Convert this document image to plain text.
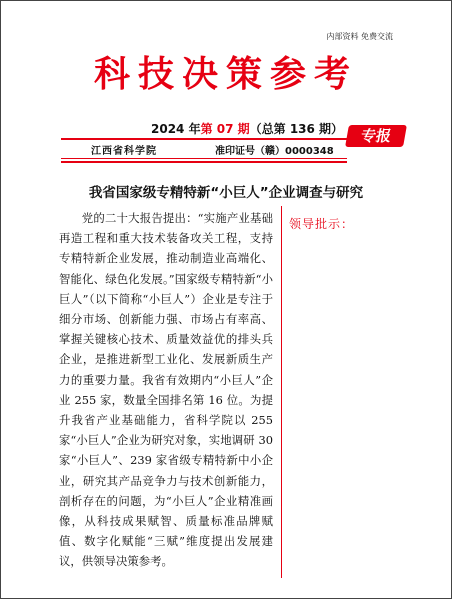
内部资料 免费交流
科技决策参考
2024 年第 07 期（总第 136 期）	专报
江西省科学院	准印证号（赣）0000348
我省国家级专精特新“小巨人”企业调查与研究

党的二十大报告提出：“实施产业基础再造工程和重大技术装备攻关工程，支持专精特新企业发展，推动制造业高端化、智能化、绿色化发展。”国家级专精特新“小巨人”（以下简称“小巨人”）企业是专注于细分市场、创新能力强、市场占有率高、掌握关键核心技术、质量效益优的排头兵企业，是推进新型工业化、发展新质生产力的重要力量。我省有效期内“小巨人”企业 255 家，数量全国排名第 16 位。为提升我省产业基础能力，省科学院以 255 家“小巨人”企业为研究对象，实地调研 30 家“小巨人”、239 家省级专精特新中小企业，研究其产品竞争力与技术创新能力，剖析存在的问题，为“小巨人”企业精准画像，从科技成果赋智、质量标准品牌赋值、数字化赋能“三赋”维度提出发展建议，供领导决策参考。

领导批示：
